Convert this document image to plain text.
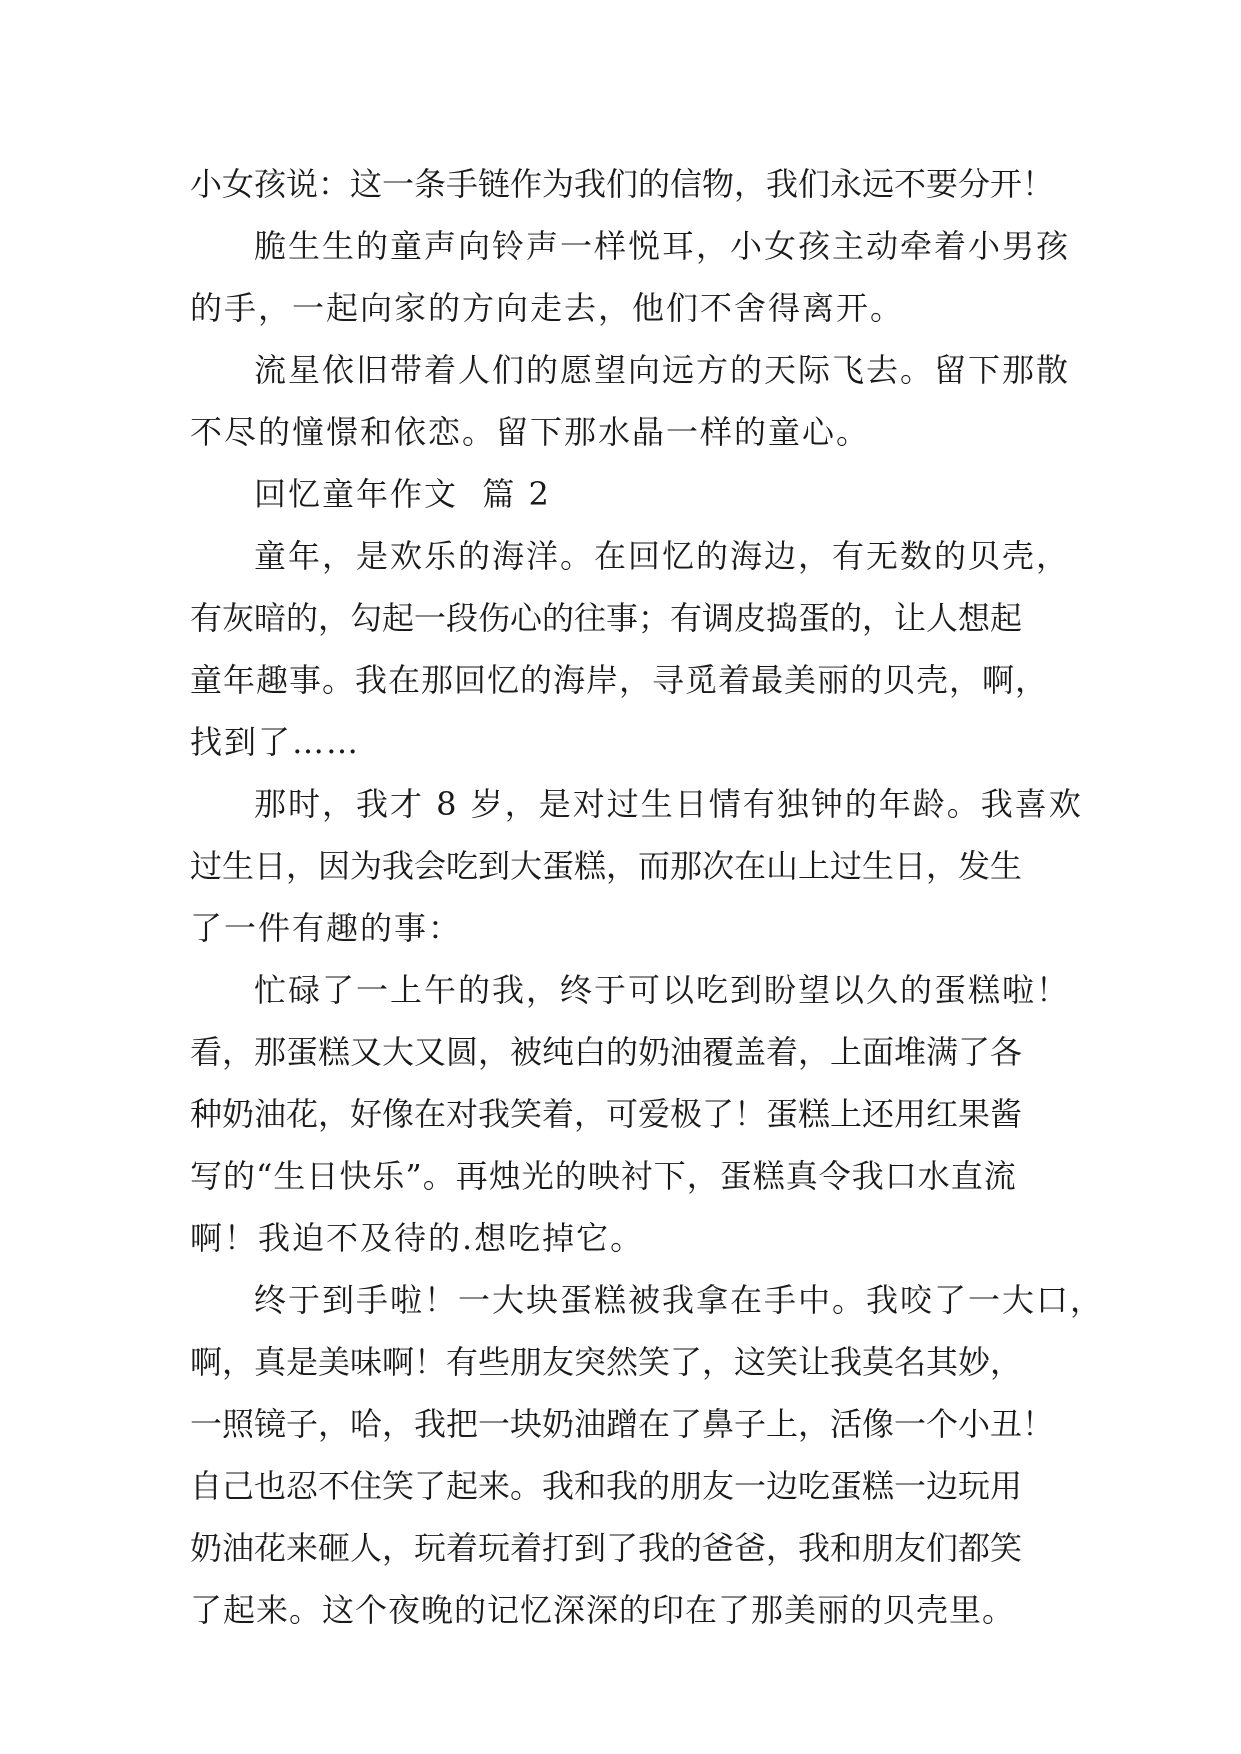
小女孩说：这一条手链作为我们的信物，我们永远不要分开！
脆生生的童声向铃声一样悦耳，小女孩主动牵着小男孩
的手，一起向家的方向走去，他们不舍得离开。
流星依旧带着人们的愿望向远方的天际飞去。留下那散
不尽的憧憬和依恋。留下那水晶一样的童心。
回忆童年作文  篇 2
童年，是欢乐的海洋。在回忆的海边，有无数的贝壳，
有灰暗的，勾起一段伤心的往事；有调皮捣蛋的，让人想起
童年趣事。我在那回忆的海岸，寻觅着最美丽的贝壳，啊，
找到了……
那时，我才 8 岁，是对过生日情有独钟的年龄。我喜欢
过生日，因为我会吃到大蛋糕，而那次在山上过生日，发生
了一件有趣的事：
忙碌了一上午的我，终于可以吃到盼望以久的蛋糕啦！
看，那蛋糕又大又圆，被纯白的奶油覆盖着，上面堆满了各
种奶油花，好像在对我笑着，可爱极了！蛋糕上还用红果酱
写的“生日快乐”。再烛光的映衬下，蛋糕真令我口水直流
啊！我迫不及待的.想吃掉它。
终于到手啦！一大块蛋糕被我拿在手中。我咬了一大口，
啊，真是美味啊！有些朋友突然笑了，这笑让我莫名其妙，
一照镜子，哈，我把一块奶油蹭在了鼻子上，活像一个小丑！
自己也忍不住笑了起来。我和我的朋友一边吃蛋糕一边玩用
奶油花来砸人，玩着玩着打到了我的爸爸，我和朋友们都笑
了起来。这个夜晚的记忆深深的印在了那美丽的贝壳里。
